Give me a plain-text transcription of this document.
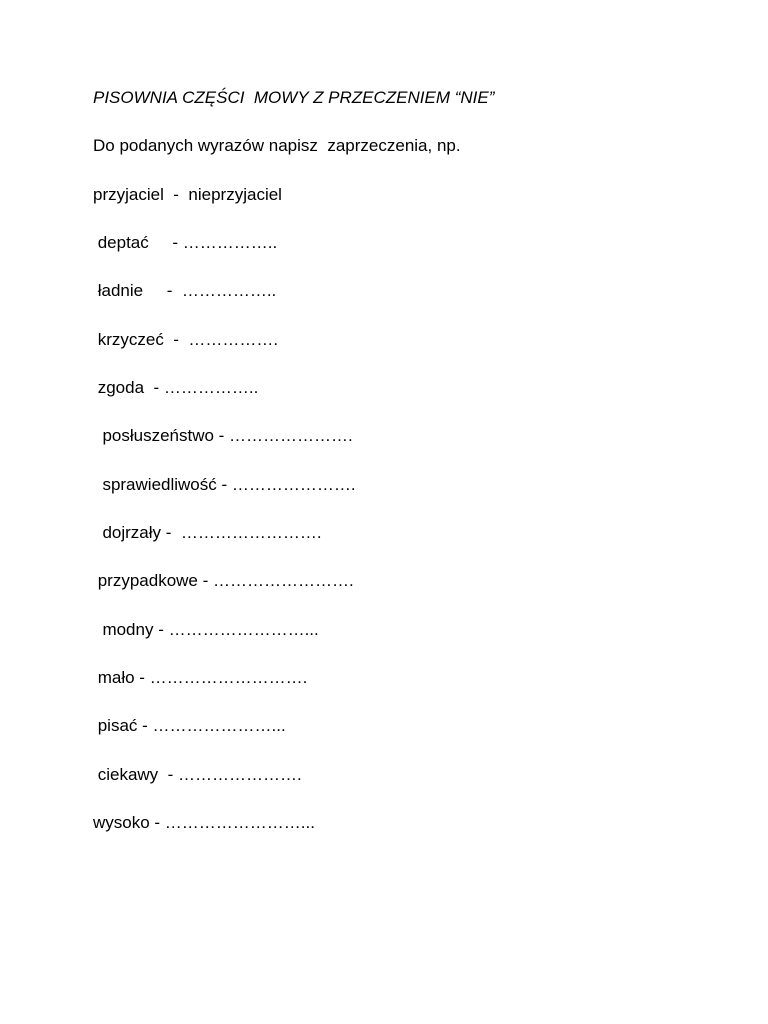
PISOWNIA CZĘŚCI  MOWY Z PRZECZENIEM “NIE”

Do podanych wyrazów napisz  zaprzeczenia, np.

przyjaciel  -  nieprzyjaciel

deptać     - ……………..

ładnie     -  ……………..

krzyczeć  -  …………….

zgoda  - ……………..

posłuszeństwo - ………………….

sprawiedliwość - ………………….

dojrzały -  …………………….

przypadkowe - …………………….

modny - ……………………...

mało - ……………………….

pisać - …………………...

ciekawy  - ………………….

wysoko - ……………………...
